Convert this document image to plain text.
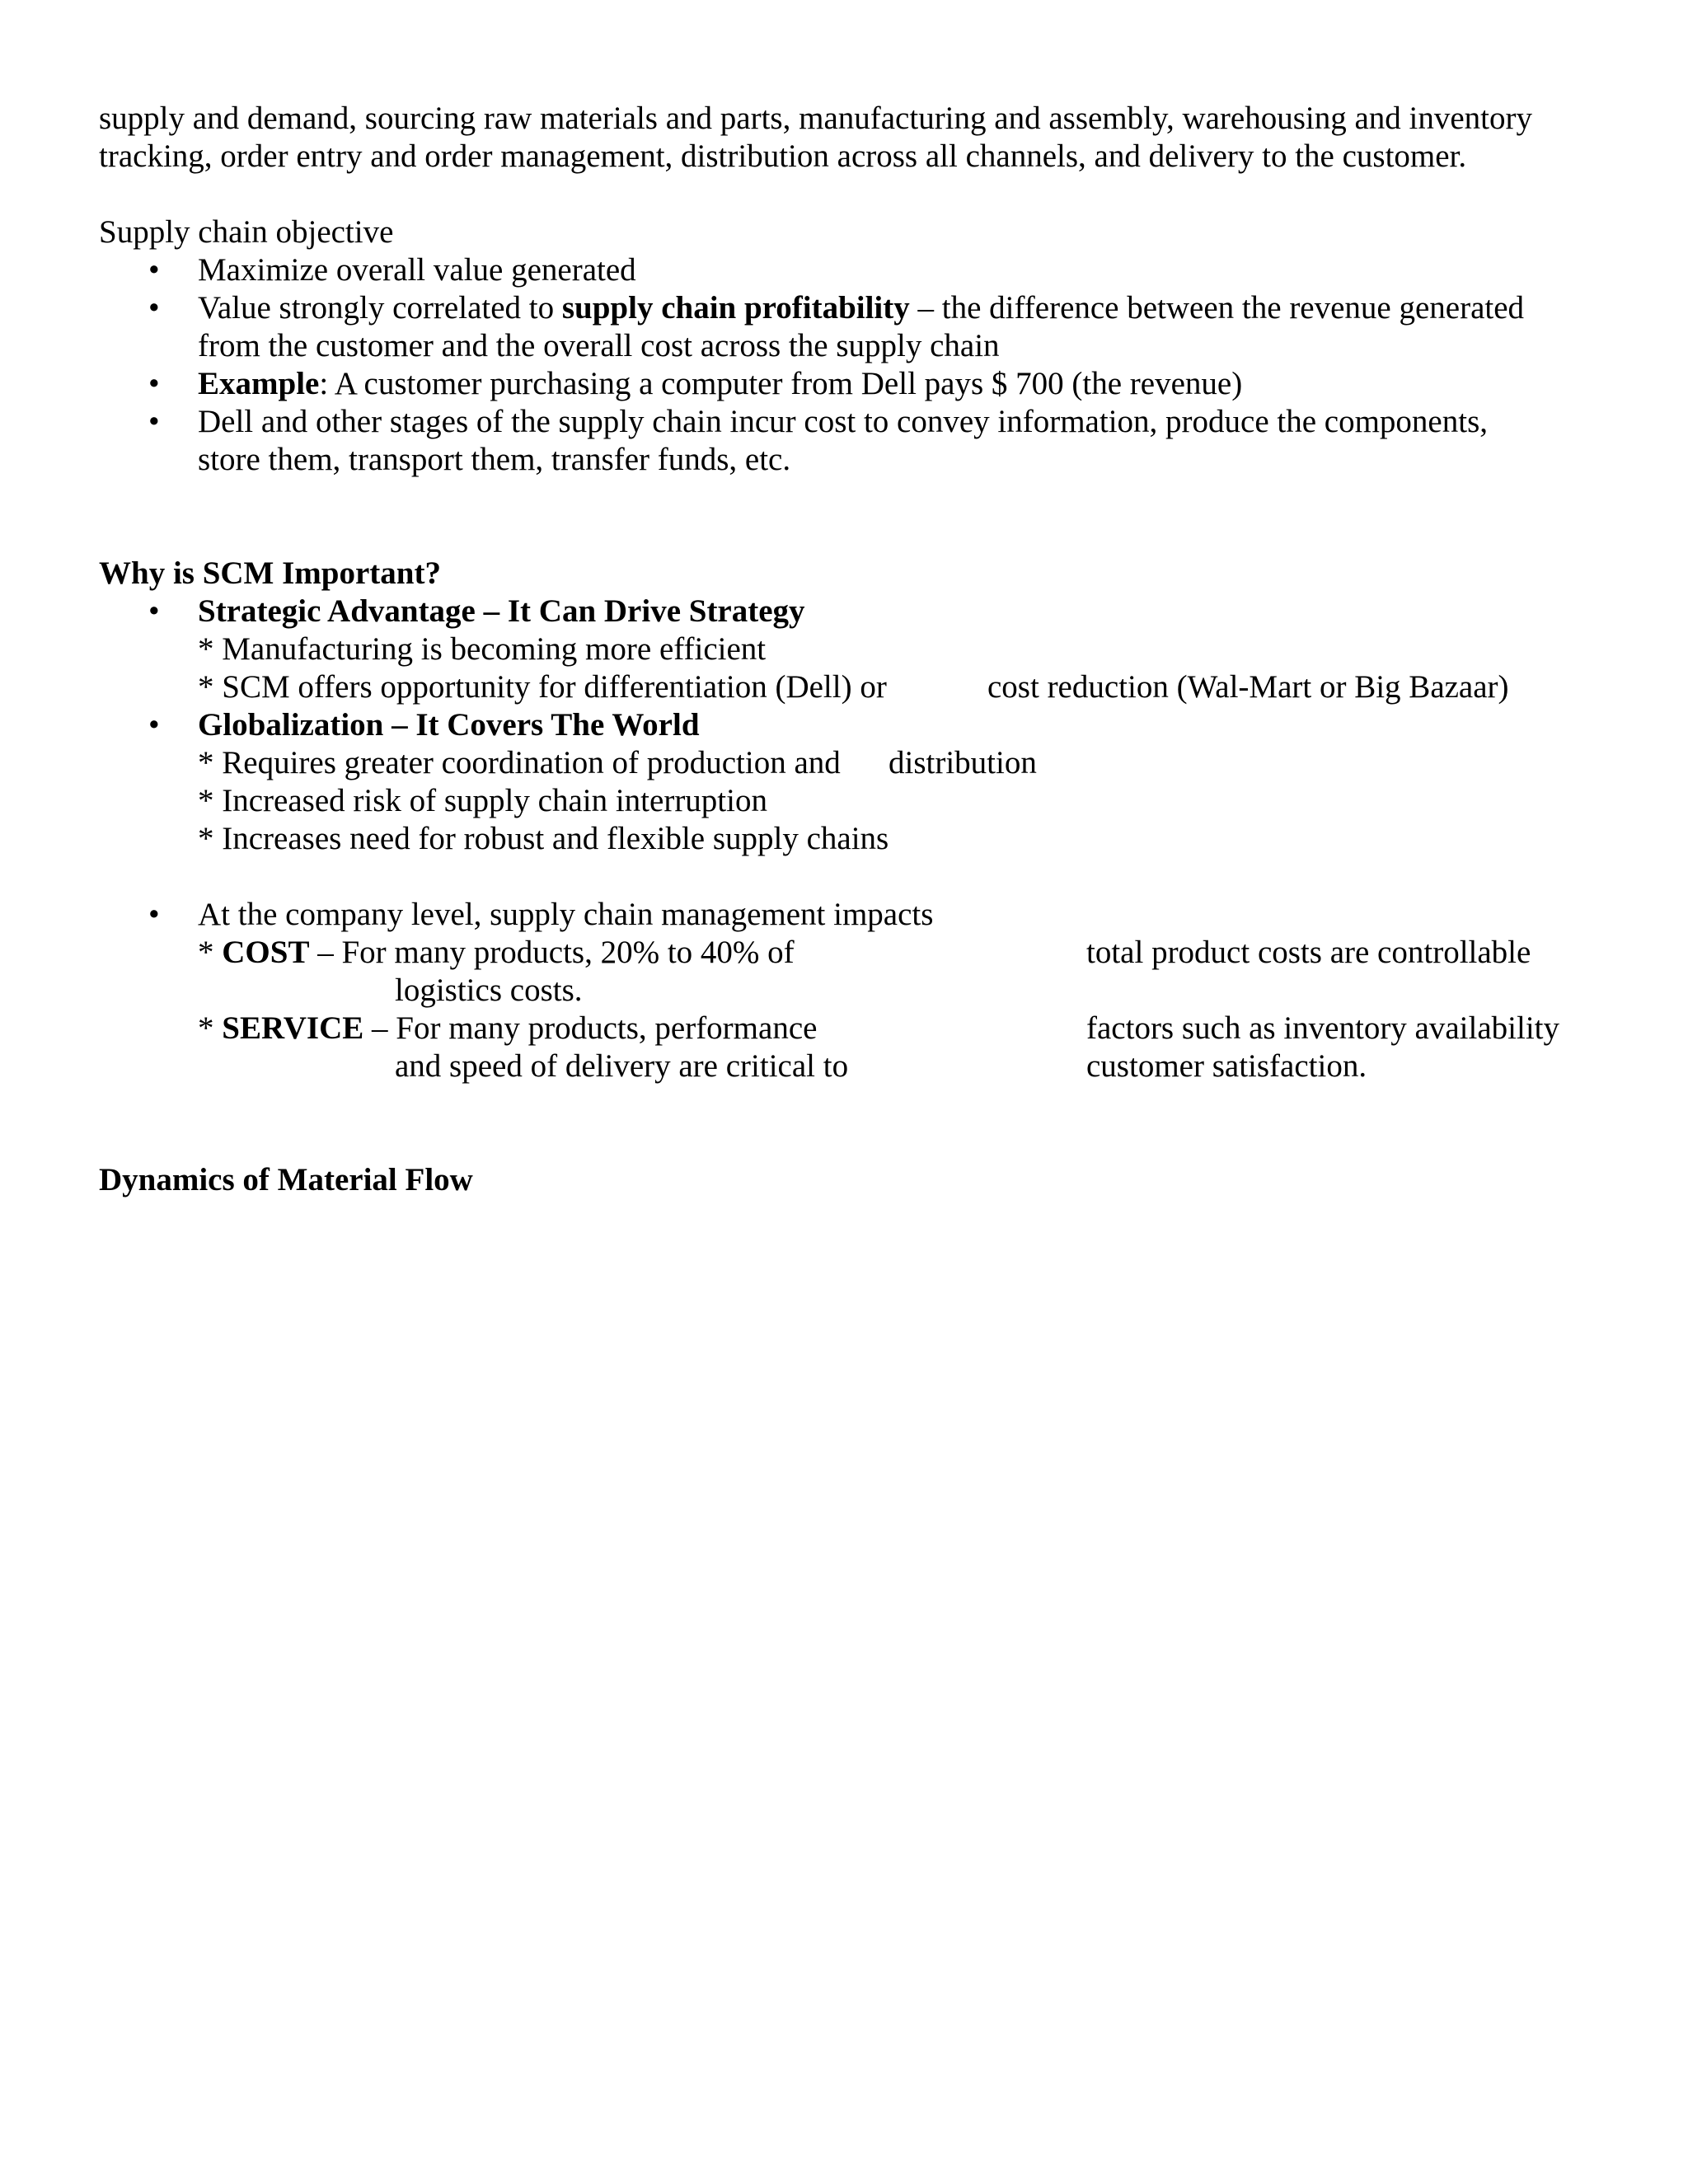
supply and demand, sourcing raw materials and parts, manufacturing and assembly, warehousing and inventory
tracking, order entry and order management, distribution across all channels, and delivery to the customer.
Supply chain objective
• Maximize overall value generated
• Value strongly correlated to supply chain profitability – the difference between the revenue generated
from the customer and the overall cost across the supply chain
• Example: A customer purchasing a computer from Dell pays $ 700 (the revenue)
• Dell and other stages of the supply chain incur cost to convey information, produce the components,
store them, transport them, transfer funds, etc.
Why is SCM Important?
• Strategic Advantage – It Can Drive Strategy
* Manufacturing is becoming more efficient
* SCM offers opportunity for differentiation (Dell) or	cost reduction (Wal-Mart or Big Bazaar)
• Globalization – It Covers The World
* Requires greater coordination of production and distribution
* Increased risk of supply chain interruption
* Increases need for robust and flexible supply chains
• At the company level, supply chain management impacts
* COST – For many products, 20% to 40% of	total product costs are controllable
logistics costs.
* SERVICE – For many products, performance	factors such as inventory availability
and speed of delivery are critical to	customer satisfaction.
Dynamics of Material Flow
